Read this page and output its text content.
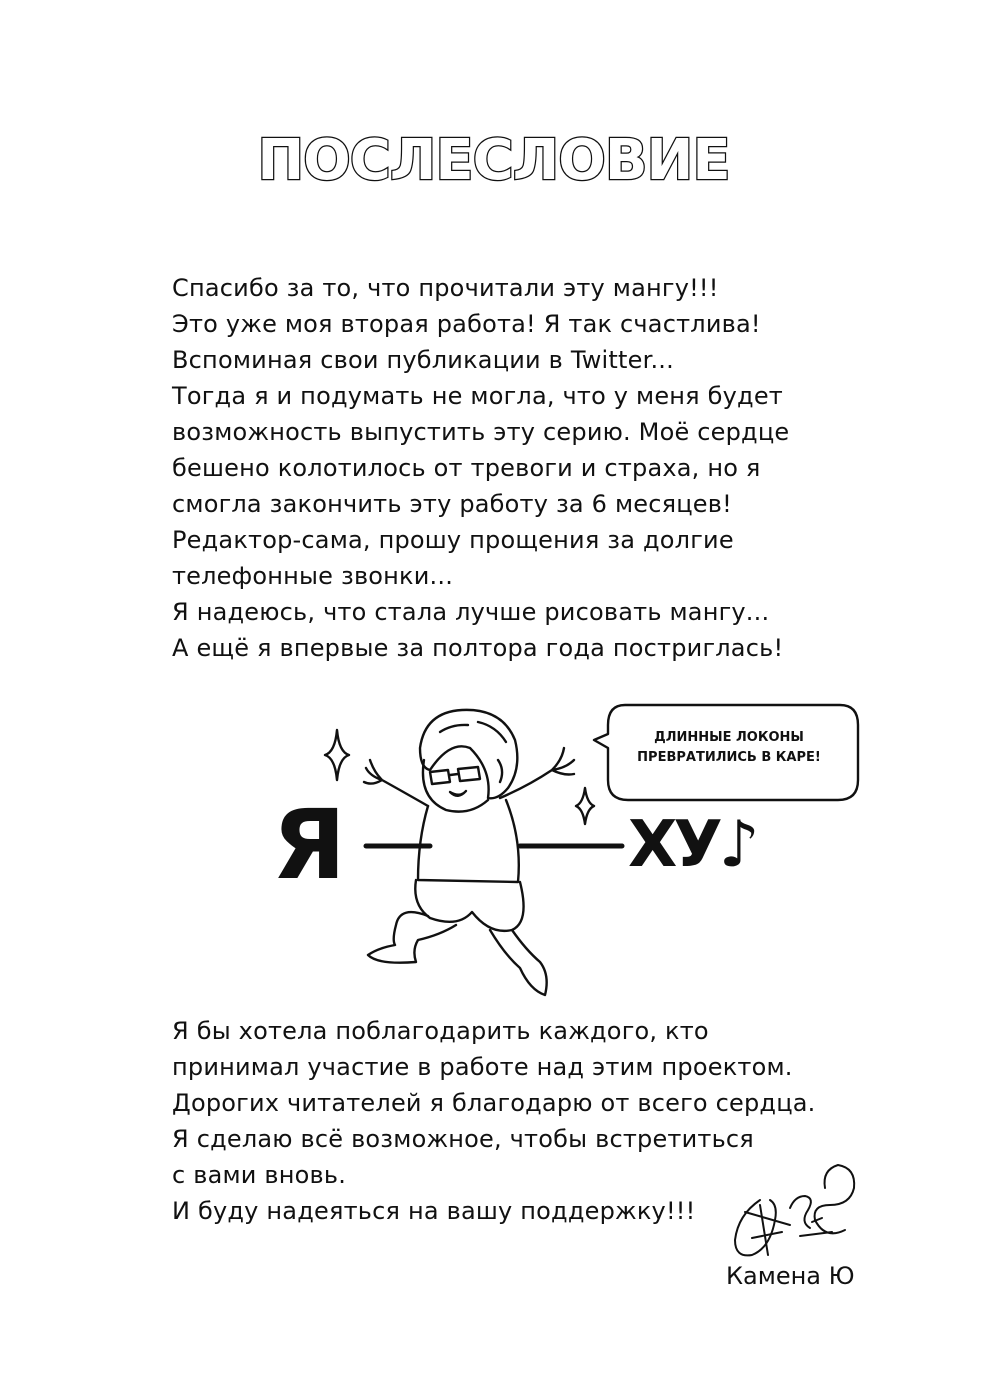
ПОСЛЕСЛОВИЕ
Спасибо за то, что прочитали эту мангу!!!
Это уже моя вторая работа! Я так счастлива!
Вспоминая свои публикации в Twitter...
Тогда я и подумать не могла, что у меня будет
возможность выпустить эту серию. Моё сердце
бешено колотилось от тревоги и страха, но я
смогла закончить эту работу за 6 месяцев!
Редактор-сама, прошу прощения за долгие
телефонные звонки...
Я надеюсь, что стала лучше рисовать мангу...
А ещё я впервые за полтора года постриглась!
ДЛИННЫЕ ЛОКОНЫ
ПРЕВРАТИЛИСЬ В КАРЕ!
Я	ХУ♪
Я бы хотела поблагодарить каждого, кто
принимал участие в работе над этим проектом.
Дорогих читателей я благодарю от всего сердца.
Я сделаю всё возможное, чтобы встретиться
с вами вновь.
И буду надеяться на вашу поддержку!!!
Камена Ю
